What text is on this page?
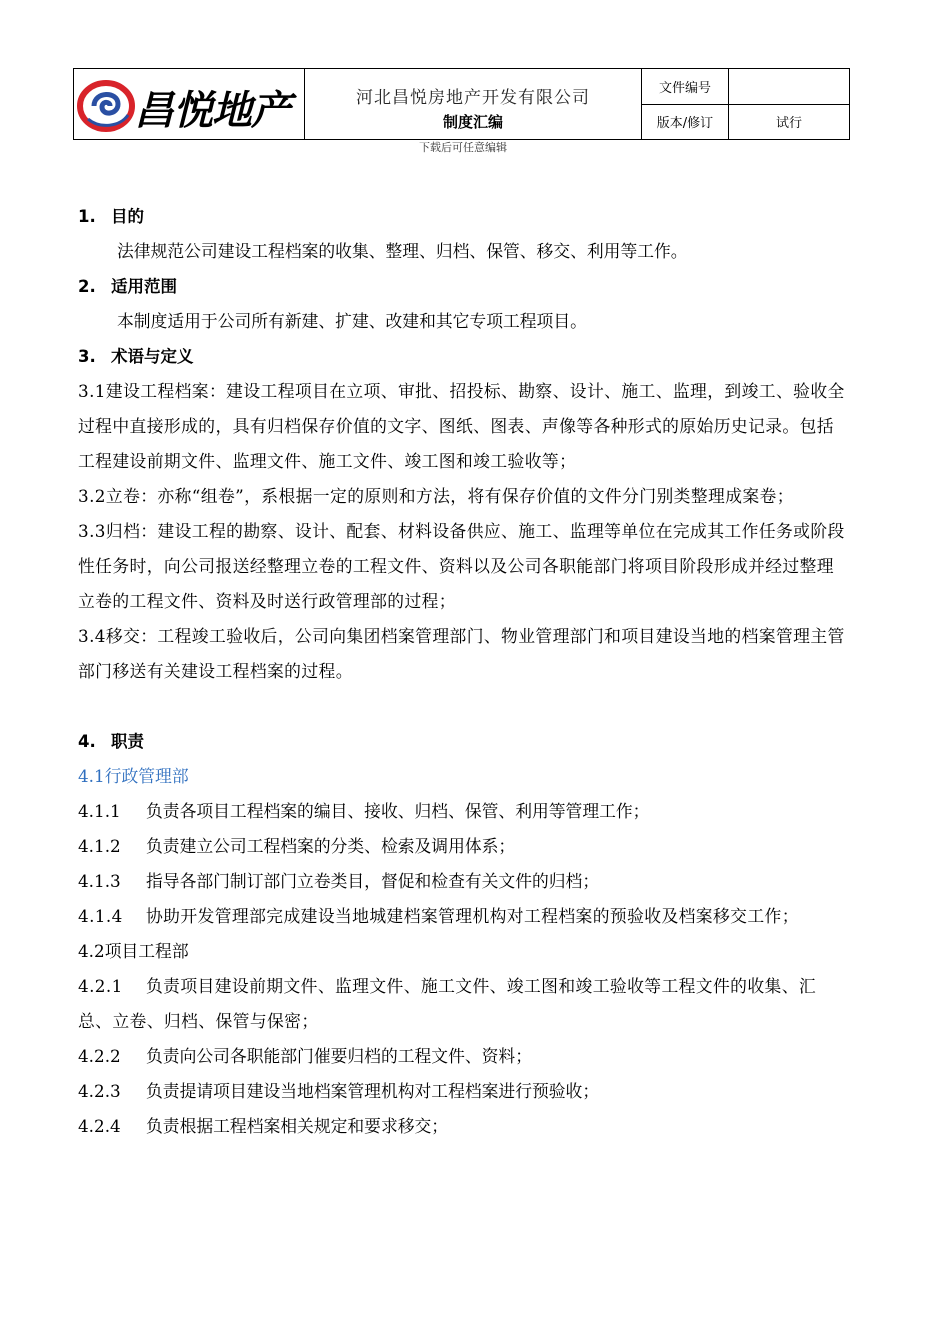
昌悦地产	河北昌悦房地产开发有限公司
制度汇编
文件编号
版本/修订	试行
下载后可任意编辑

1. 目的

法律规范公司建设工程档案的收集、整理、归档、保管、移交、利用等工作。

2. 适用范围

本制度适用于公司所有新建、扩建、改建和其它专项工程项目。

3. 术语与定义

3.1建设工程档案：建设工程项目在立项、审批、招投标、勘察、设计、施工、监理，到竣工、验收全过程中直接形成的，具有归档保存价值的文字、图纸、图表、声像等各种形式的原始历史记录。包括工程建设前期文件、监理文件、施工文件、竣工图和竣工验收等；

3.2立卷：亦称“组卷”，系根据一定的原则和方法，将有保存价值的文件分门别类整理成案卷；

3.3归档：建设工程的勘察、设计、配套、材料设备供应、施工、监理等单位在完成其工作任务或阶段性任务时，向公司报送经整理立卷的工程文件、资料以及公司各职能部门将项目阶段形成并经过整理立卷的工程文件、资料及时送行政管理部的过程；

3.4移交：工程竣工验收后，公司向集团档案管理部门、物业管理部门和项目建设当地的档案管理主管部门移送有关建设工程档案的过程。

4. 职责

4.1行政管理部

4.1.1 负责各项目工程档案的编目、接收、归档、保管、利用等管理工作；

4.1.2 负责建立公司工程档案的分类、检索及调用体系；

4.1.3 指导各部门制订部门立卷类目，督促和检查有关文件的归档；

4.1.4 协助开发管理部完成建设当地城建档案管理机构对工程档案的预验收及档案移交工作；

4.2项目工程部

4.2.1 负责项目建设前期文件、监理文件、施工文件、竣工图和竣工验收等工程文件的收集、汇总、立卷、归档、保管与保密；

4.2.2 负责向公司各职能部门催要归档的工程文件、资料；

4.2.3 负责提请项目建设当地档案管理机构对工程档案进行预验收；

4.2.4 负责根据工程档案相关规定和要求移交；
